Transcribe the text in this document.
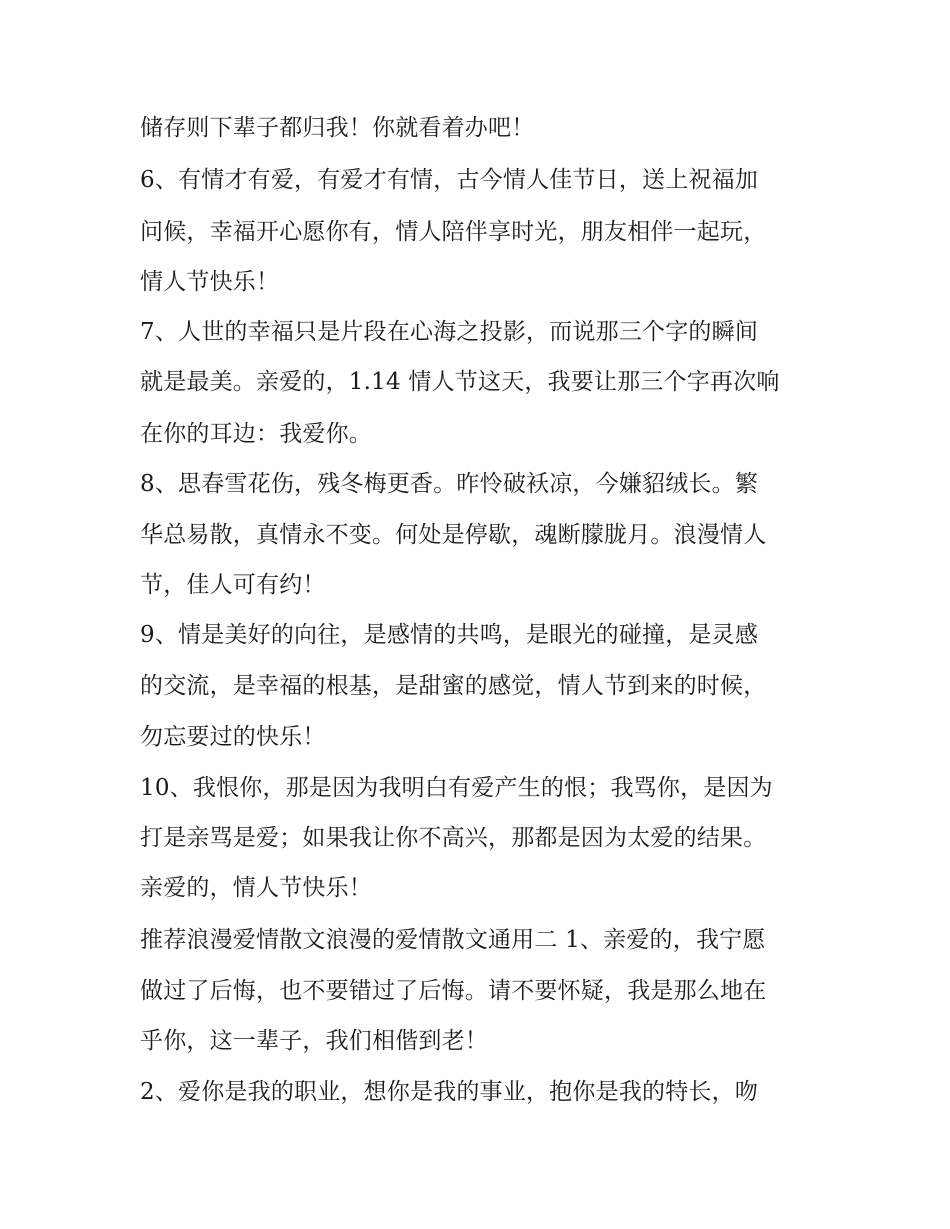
储存则下辈子都归我！你就看着办吧！
6、有情才有爱，有爱才有情，古今情人佳节日，送上祝福加
问候，幸福开心愿你有，情人陪伴享时光，朋友相伴一起玩，
情人节快乐！
7、人世的幸福只是片段在心海之投影，而说那三个字的瞬间
就是最美。亲爱的，1.14 情人节这天，我要让那三个字再次响
在你的耳边：我爱你。
8、思春雪花伤，残冬梅更香。昨怜破袄凉，今嫌貂绒长。繁
华总易散，真情永不变。何处是停歇，魂断朦胧月。浪漫情人
节，佳人可有约！
9、情是美好的向往，是感情的共鸣，是眼光的碰撞，是灵感
的交流，是幸福的根基，是甜蜜的感觉，情人节到来的时候，
勿忘要过的快乐！
10、我恨你，那是因为我明白有爱产生的恨；我骂你，是因为
打是亲骂是爱；如果我让你不高兴，那都是因为太爱的结果。
亲爱的，情人节快乐！
推荐浪漫爱情散文浪漫的爱情散文通用二 1、亲爱的，我宁愿
做过了后悔，也不要错过了后悔。请不要怀疑，我是那么地在
乎你，这一辈子，我们相偕到老！
2、爱你是我的职业，想你是我的事业，抱你是我的特长，吻
